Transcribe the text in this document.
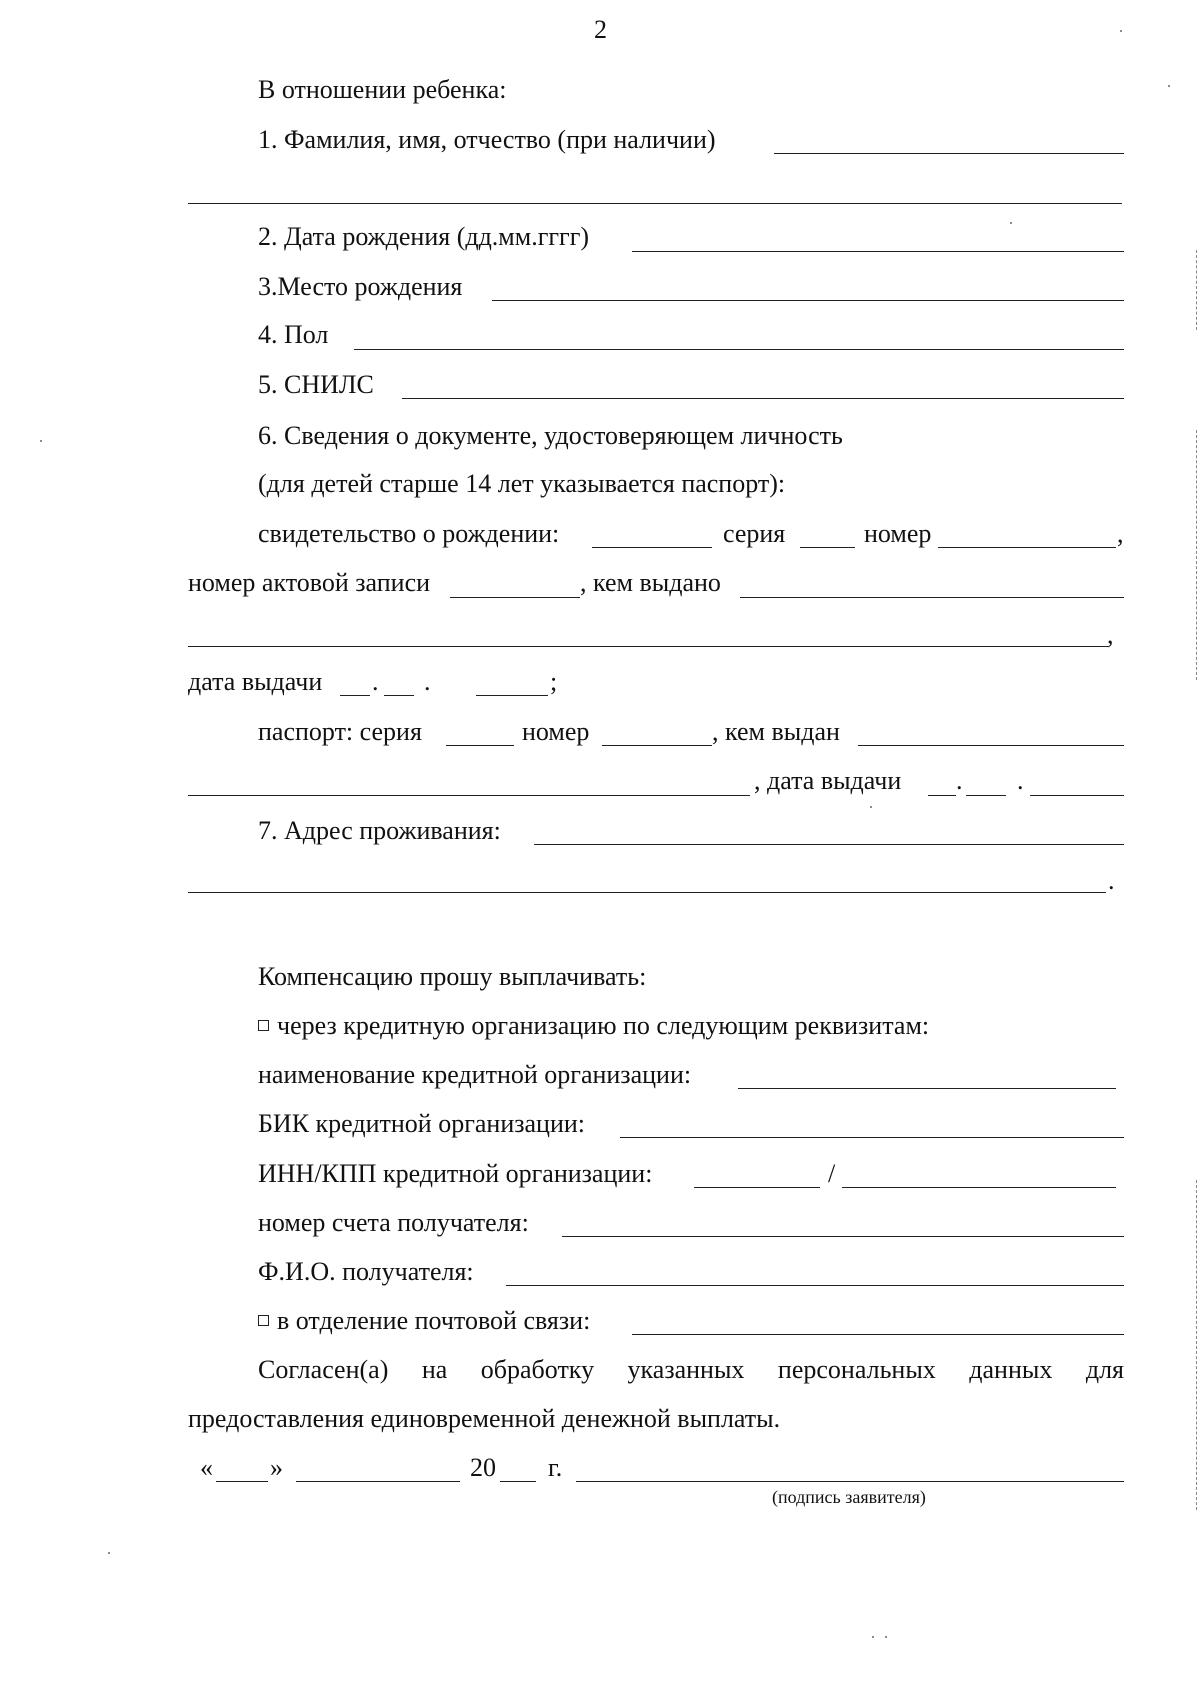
2
В отношении ребенка:
1. Фамилия, имя, отчество (при наличии)
2. Дата рождения (дд.мм.гггг)
3.Место рождения
4. Пол
5. СНИЛС
6. Сведения о документе, удостоверяющем личность
(для детей старше 14 лет указывается паспорт):
свидетельство о рождении:	серия	номер	,
номер актовой записи	, кем выдано
,
дата выдачи . .	;
паспорт: серия	номер	, кем выдан
, дата выдачи . .
7. Адрес проживания:
.
Компенсацию прошу выплачивать:
через кредитную организацию по следующим реквизитам:
наименование кредитной организации:
БИК кредитной организации:
ИНН/КПП кредитной организации:	/
номер счета получателя:
Ф.И.О. получателя:
в отделение почтовой связи:
Согласен(а) на обработку указанных персональных данных для
предоставления единовременной денежной выплаты.
« »	20 г.
(подпись заявителя)
